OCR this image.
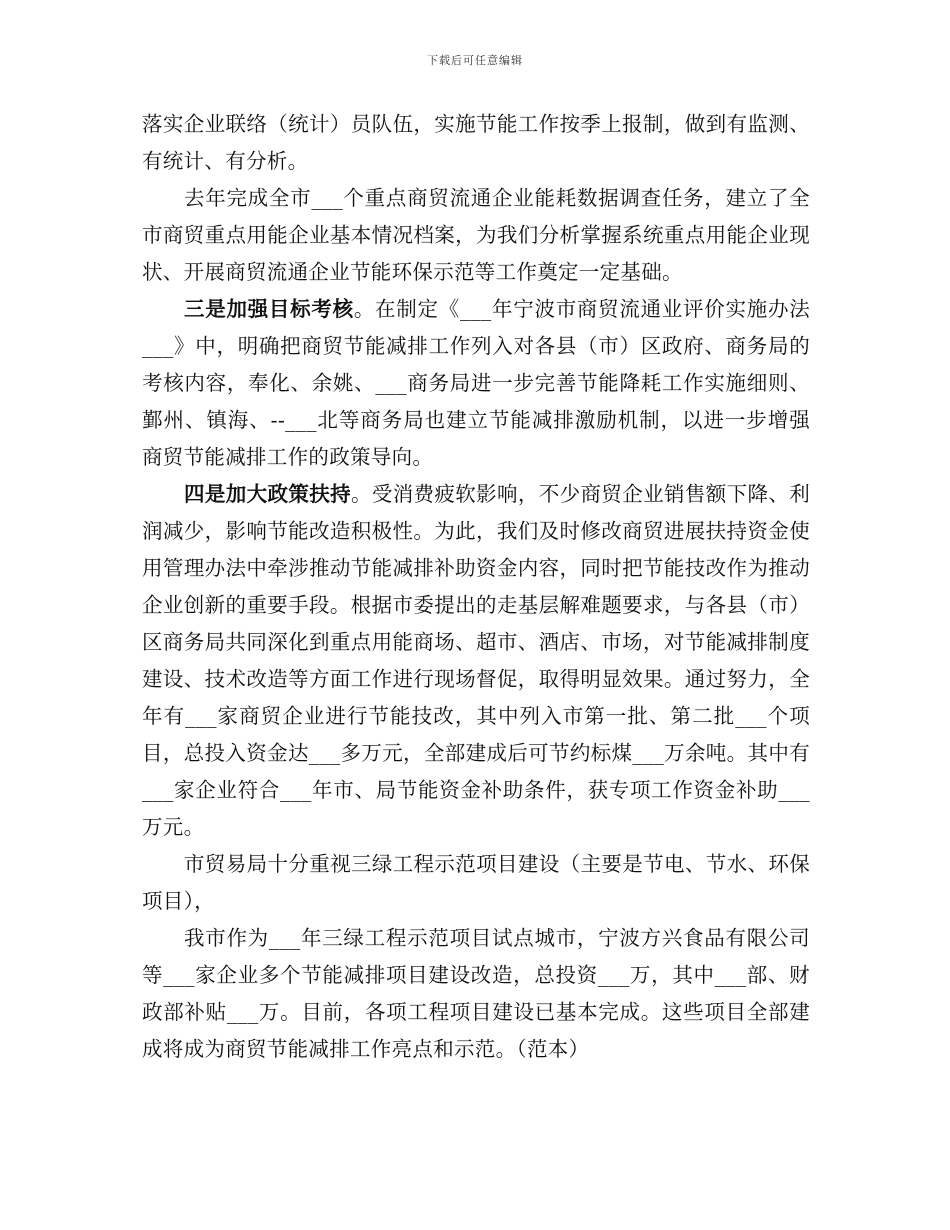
下载后可任意编辑

落实企业联络（统计）员队伍，实施节能工作按季上报制，做到有监测、有统计、有分析。

去年完成全市___个重点商贸流通企业能耗数据调查任务，建立了全市商贸重点用能企业基本情况档案，为我们分析掌握系统重点用能企业现状、开展商贸流通企业节能环保示范等工作奠定一定基础。

三是加强目标考核。在制定《___年宁波市商贸流通业评价实施办法___》中，明确把商贸节能减排工作列入对各县（市）区政府、商务局的考核内容，奉化、余姚、___商务局进一步完善节能降耗工作实施细则、鄞州、镇海、--___北等商务局也建立节能减排激励机制，以进一步增强商贸节能减排工作的政策导向。

四是加大政策扶持。受消费疲软影响，不少商贸企业销售额下降、利润减少，影响节能改造积极性。为此，我们及时修改商贸进展扶持资金使用管理办法中牵涉推动节能减排补助资金内容，同时把节能技改作为推动企业创新的重要手段。根据市委提出的走基层解难题要求，与各县（市）区商务局共同深化到重点用能商场、超市、酒店、市场，对节能减排制度建设、技术改造等方面工作进行现场督促，取得明显效果。通过努力，全年有___家商贸企业进行节能技改，其中列入市第一批、第二批___个项目，总投入资金达___多万元，全部建成后可节约标煤___万余吨。其中有___家企业符合___年市、局节能资金补助条件，获专项工作资金补助___万元。

市贸易局十分重视三绿工程示范项目建设（主要是节电、节水、环保项目），

我市作为___年三绿工程示范项目试点城市，宁波方兴食品有限公司等___家企业多个节能减排项目建设改造，总投资___万，其中___部、财政部补贴___万。目前，各项工程项目建设已基本完成。这些项目全部建成将成为商贸节能减排工作亮点和示范。（范本）
